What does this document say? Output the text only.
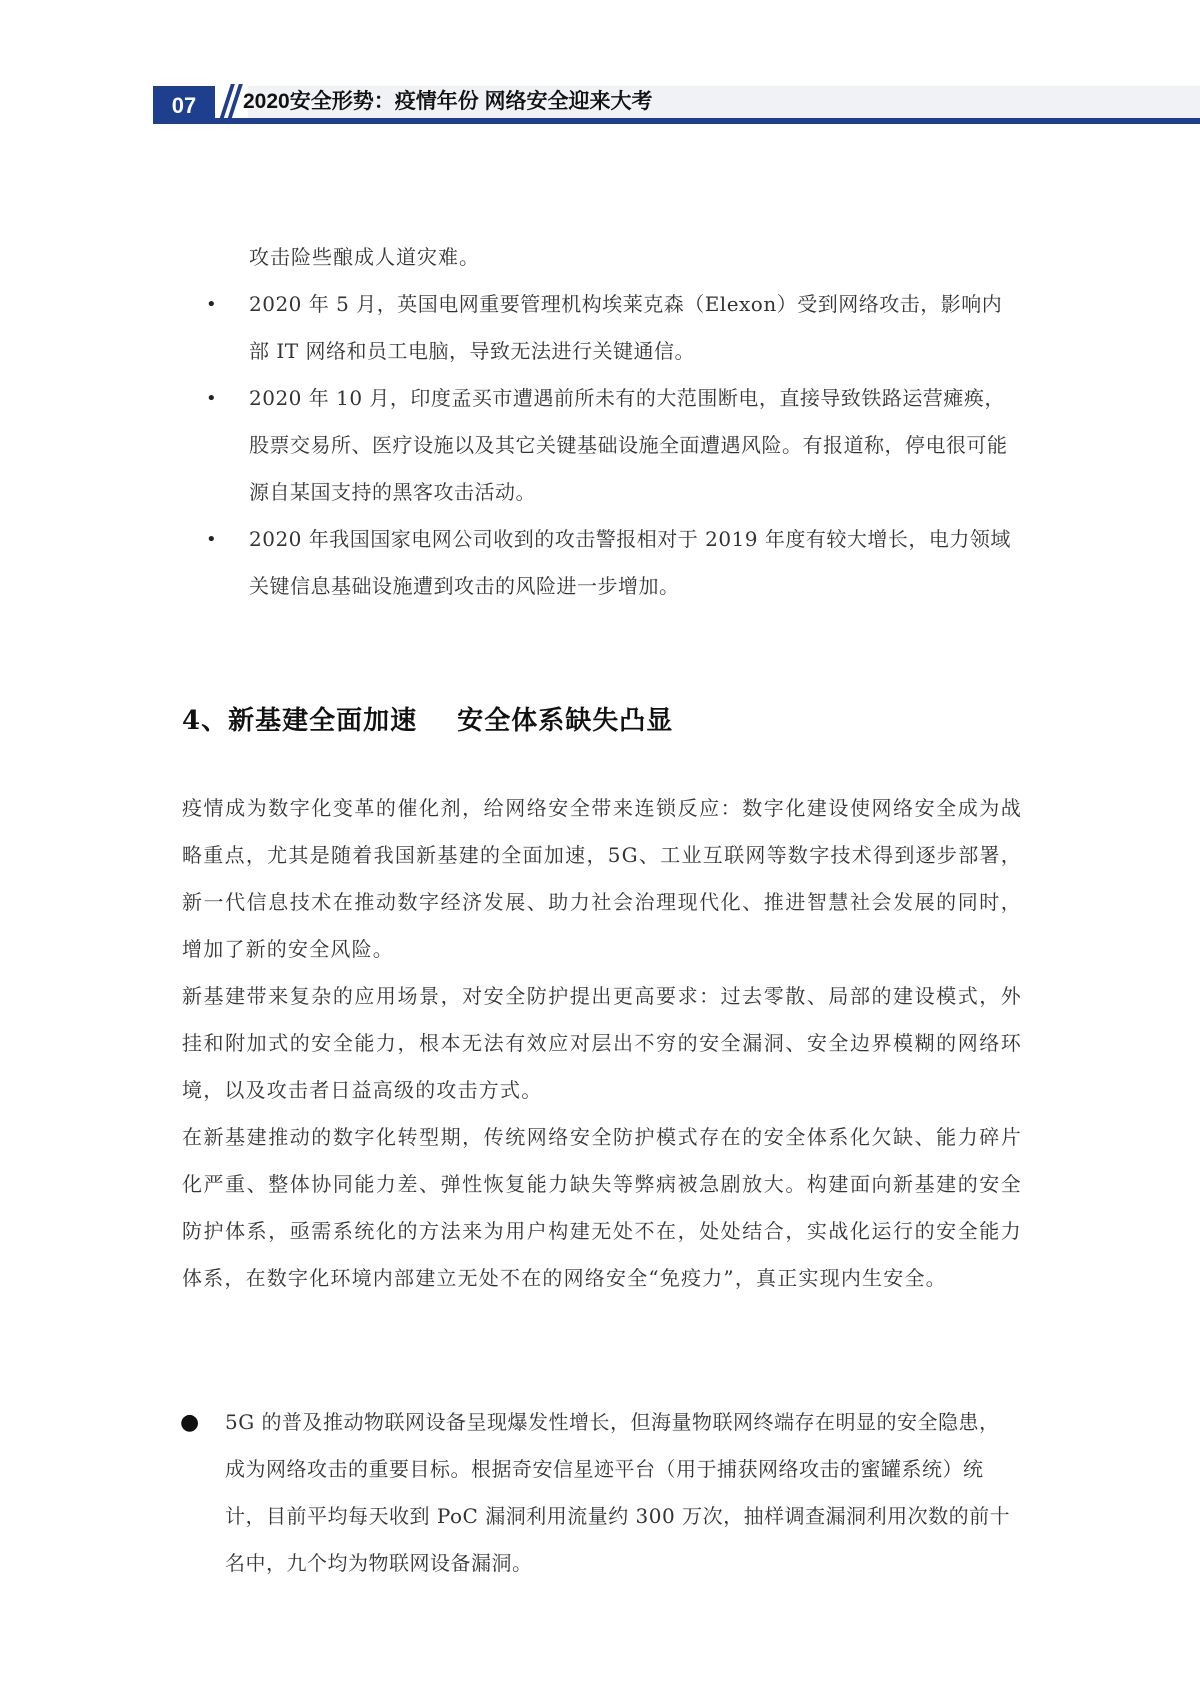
07	2020安全形势：疫情年份 网络安全迎来大考

攻击险些酿成人道灾难。

• 2020 年 5 月，英国电网重要管理机构埃莱克森（Elexon）受到网络攻击，影响内部 IT 网络和员工电脑，导致无法进行关键通信。
• 2020 年 10 月，印度孟买市遭遇前所未有的大范围断电，直接导致铁路运营瘫痪，股票交易所、医疗设施以及其它关键基础设施全面遭遇风险。有报道称，停电很可能源自某国支持的黑客攻击活动。
• 2020 年我国国家电网公司收到的攻击警报相对于 2019 年度有较大增长，电力领域关键信息基础设施遭到攻击的风险进一步增加。
4、新基建全面加速    安全体系缺失凸显

疫情成为数字化变革的催化剂，给网络安全带来连锁反应：数字化建设使网络安全成为战略重点，尤其是随着我国新基建的全面加速，5G、工业互联网等数字技术得到逐步部署，新一代信息技术在推动数字经济发展、助力社会治理现代化、推进智慧社会发展的同时，增加了新的安全风险。

新基建带来复杂的应用场景，对安全防护提出更高要求：过去零散、局部的建设模式，外挂和附加式的安全能力，根本无法有效应对层出不穷的安全漏洞、安全边界模糊的网络环境，以及攻击者日益高级的攻击方式。

在新基建推动的数字化转型期，传统网络安全防护模式存在的安全体系化欠缺、能力碎片化严重、整体协同能力差、弹性恢复能力缺失等弊病被急剧放大。构建面向新基建的安全防护体系，亟需系统化的方法来为用户构建无处不在，处处结合，实战化运行的安全能力体系，在数字化环境内部建立无处不在的网络安全“免疫力”，真正实现内生安全。

● 5G 的普及推动物联网设备呈现爆发性增长，但海量物联网终端存在明显的安全隐患，成为网络攻击的重要目标。根据奇安信星迹平台（用于捕获网络攻击的蜜罐系统）统计，目前平均每天收到 PoC 漏洞利用流量约 300 万次，抽样调查漏洞利用次数的前十名中，九个均为物联网设备漏洞。
